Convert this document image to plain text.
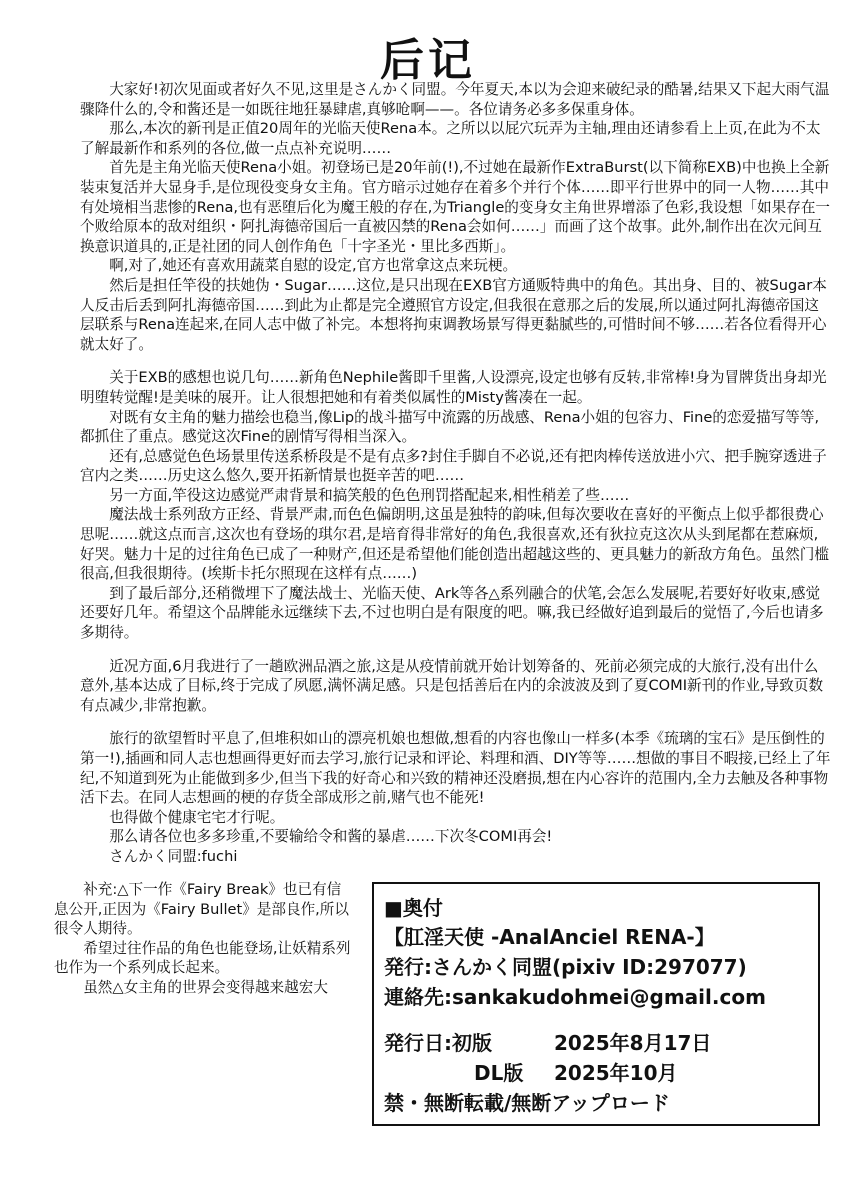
后记

大家好!初次见面或者好久不见,这里是さんかく同盟。今年夏天,本以为会迎来破纪录的酷暑,结果又下起大雨气温骤降什么的,令和酱还是一如既往地狂暴肆虐,真够呛啊——。各位请务必多多保重身体。

那么,本次的新刊是正值20周年的光临天使Rena本。之所以以屁穴玩弄为主轴,理由还请参看上上页,在此为不太了解最新作和系列的各位,做一点点补充说明……

首先是主角光临天使Rena小姐。初登场已是20年前(!),不过她在最新作ExtraBurst(以下简称EXB)中也换上全新装束复活并大显身手,是位现役变身女主角。官方暗示过她存在着多个并行个体……即平行世界中的同一人物……其中有处境相当悲惨的Rena,也有恶堕后化为魔王般的存在,为Triangle的变身女主角世界增添了色彩,我设想「如果存在一个败给原本的敌对组织・阿扎海德帝国后一直被囚禁的Rena会如何……」而画了这个故事。此外,制作出在次元间互换意识道具的,正是社团的同人创作角色「十字圣光・里比多西斯」。

啊,对了,她还有喜欢用蔬菜自慰的设定,官方也常拿这点来玩梗。

然后是担任竿役的扶她伪・Sugar……这位,是只出现在EXB官方通贩特典中的角色。其出身、目的、被Sugar本人反击后丢到阿扎海德帝国……到此为止都是完全遵照官方设定,但我很在意那之后的发展,所以通过阿扎海德帝国这层联系与Rena连起来,在同人志中做了补完。本想将拘束调教场景写得更黏腻些的,可惜时间不够……若各位看得开心就太好了。

关于EXB的感想也说几句……新角色Nephile酱即千里酱,人设漂亮,设定也够有反转,非常棒!身为冒牌货出身却光明堕转觉醒!是美味的展开。让人很想把她和有着类似属性的Misty酱凑在一起。

对既有女主角的魅力描绘也稳当,像Lip的战斗描写中流露的历战感、Rena小姐的包容力、Fine的恋爱描写等等,都抓住了重点。感觉这次Fine的剧情写得相当深入。

还有,总感觉色色场景里传送系桥段是不是有点多?封住手脚自不必说,还有把肉棒传送放进小穴、把手腕穿透进子宫内之类……历史这么悠久,要开拓新情景也挺辛苦的吧……

另一方面,竿役这边感觉严肃背景和搞笑般的色色刑罚搭配起来,相性稍差了些……

魔法战士系列敌方正经、背景严肃,而色色偏朗明,这虽是独特的韵味,但每次要收在喜好的平衡点上似乎都很费心思呢……就这点而言,这次也有登场的琪尔君,是培育得非常好的角色,我很喜欢,还有狄拉克这次从头到尾都在惹麻烦,好哭。魅力十足的过往角色已成了一种财产,但还是希望他们能创造出超越这些的、更具魅力的新敌方角色。虽然门槛很高,但我很期待。(埃斯卡托尔照现在这样有点……)

到了最后部分,还稍微埋下了魔法战士、光临天使、Ark等各△系列融合的伏笔,会怎么发展呢,若要好好收束,感觉还要好几年。希望这个品牌能永远继续下去,不过也明白是有限度的吧。嘛,我已经做好追到最后的觉悟了,今后也请多多期待。

近况方面,6月我进行了一趟欧洲品酒之旅,这是从疫情前就开始计划筹备的、死前必须完成的大旅行,没有出什么意外,基本达成了目标,终于完成了夙愿,满怀满足感。只是包括善后在内的余波波及到了夏COMI新刊的作业,导致页数有点减少,非常抱歉。

旅行的欲望暂时平息了,但堆积如山的漂亮机娘也想做,想看的内容也像山一样多(本季《琉璃的宝石》是压倒性的第一!),插画和同人志也想画得更好而去学习,旅行记录和评论、料理和酒、DIY等等……想做的事目不暇接,已经上了年纪,不知道到死为止能做到多少,但当下我的好奇心和兴致的精神还没磨损,想在内心容许的范围内,全力去触及各种事物活下去。在同人志想画的梗的存货全部成形之前,赌气也不能死!

也得做个健康宅宅才行呢。

那么请各位也多多珍重,不要输给令和酱的暴虐……下次冬COMI再会!

さんかく同盟:fuchi

补充:△下一作《Fairy Break》也已有信息公开,正因为《Fairy Bullet》是部良作,所以很令人期待。

希望过往作品的角色也能登场,让妖精系列也作为一个系列成长起来。

虽然△女主角的世界会变得越来越宏大

■奥付
【肛淫天使 -AnalAnciel RENA-】
発行:さんかく同盟(pixiv ID:297077)
連絡先:sankakudohmei@gmail.com
発行日:初版	2025年8月17日
DL版	2025年10月
禁・無断転載/無断アップロード
